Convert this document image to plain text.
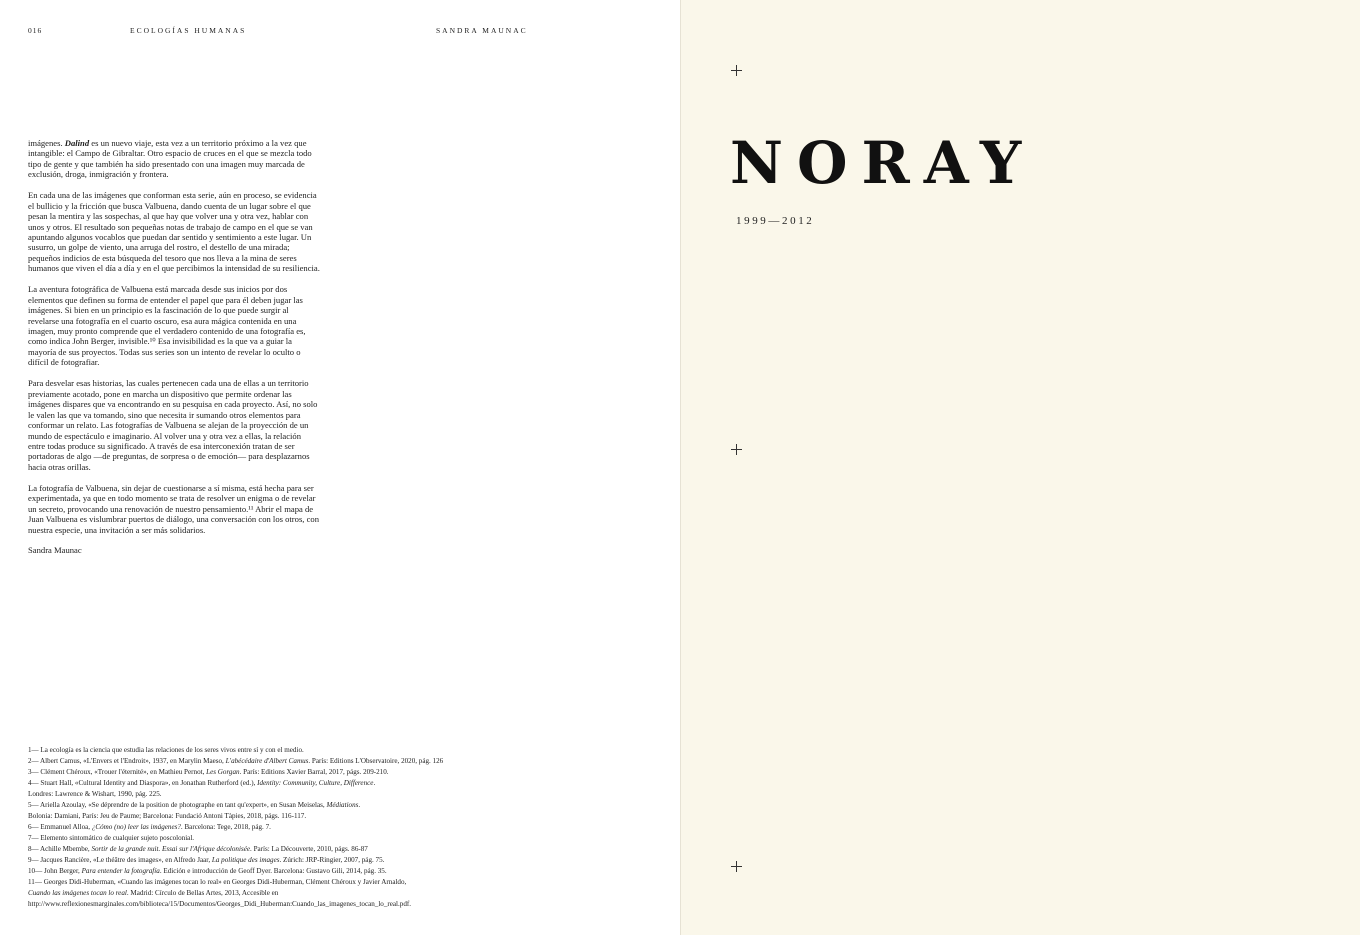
016	ECOLOGÍAS HUMANAS	SANDRA MAUNAC

imágenes. Dalind es un nuevo viaje, esta vez a un territorio próximo a la vez que intangible: el Campo de Gibraltar. Otro espacio de cruces en el que se mezcla todo tipo de gente y que también ha sido presentado con una imagen muy marcada de exclusión, droga, inmigración y frontera.

En cada una de las imágenes que conforman esta serie, aún en proceso, se evidencia el bullicio y la fricción que busca Valbuena, dando cuenta de un lugar sobre el que pesan la mentira y las sospechas, al que hay que volver una y otra vez, hablar con unos y otros. El resultado son pequeñas notas de trabajo de campo en el que se van apuntando algunos vocablos que puedan dar sentido y sentimiento a este lugar. Un susurro, un golpe de viento, una arruga del rostro, el destello de una mirada; pequeños indicios de esta búsqueda del tesoro que nos lleva a la mina de seres humanos que viven el día a día y en el que percibimos la intensidad de su resiliencia.

La aventura fotográfica de Valbuena está marcada desde sus inicios por dos elementos que definen su forma de entender el papel que para él deben jugar las imágenes. Si bien en un principio es la fascinación de lo que puede surgir al revelarse una fotografía en el cuarto oscuro, esa aura mágica contenida en una imagen, muy pronto comprende que el verdadero contenido de una fotografía es, como indica John Berger, invisible.¹⁰ Esa invisibilidad es la que va a guiar la mayoría de sus proyectos. Todas sus series son un intento de revelar lo oculto o difícil de fotografiar.

Para desvelar esas historias, las cuales pertenecen cada una de ellas a un territorio previamente acotado, pone en marcha un dispositivo que permite ordenar las imágenes dispares que va encontrando en su pesquisa en cada proyecto. Así, no solo le valen las que va tomando, sino que necesita ir sumando otros elementos para conformar un relato. Las fotografías de Valbuena se alejan de la proyección de un mundo de espectáculo e imaginario. Al volver una y otra vez a ellas, la relación entre todas produce su significado. A través de esa interconexión tratan de ser portadoras de algo —de preguntas, de sorpresa o de emoción— para desplazarnos hacia otras orillas.

La fotografía de Valbuena, sin dejar de cuestionarse a sí misma, está hecha para ser experimentada, ya que en todo momento se trata de resolver un enigma o de revelar un secreto, provocando una renovación de nuestro pensamiento.¹¹ Abrir el mapa de Juan Valbuena es vislumbrar puertos de diálogo, una conversación con los otros, con nuestra especie, una invitación a ser más solidarios.

Sandra Maunac

1— La ecología es la ciencia que estudia las relaciones de los seres vivos entre sí y con el medio.

2— Albert Camus, «L'Envers et l'Endroit», 1937, en Marylin Maeso, L'abécédaire d'Albert Camus. París: Editions L'Observatoire, 2020, pág. 126

3— Clément Chéroux, «Trouer l'éternité», en Mathieu Pernot, Les Gorgan. París: Editions Xavier Barral, 2017, págs. 209-210.

4— Stuart Hall, «Cultural Identity and Diaspora», en Jonathan Rutherford (ed.), Identity: Community, Culture, Difference.

Londres: Lawrence & Wishart, 1990, pág. 225.

5— Ariella Azoulay, «Se déprendre de la position de photographe en tant qu'expert», en Susan Meiselas, Médiations.

Bolonia: Damiani, París: Jeu de Paume; Barcelona: Fundació Antoni Tàpies, 2018, págs. 116-117.

6— Emmanuel Alloa, ¿Cómo (no) leer las imágenes?. Barcelona: Tege, 2018, pág. 7.

7— Elemento sintomático de cualquier sujeto poscolonial.

8— Achille Mbembe, Sortir de la grande nuit. Essai sur l'Afrique décolonisée. París: La Découverte, 2010, págs. 86-87

9— Jacques Rancière, «Le théâtre des images», en Alfredo Jaar, La politique des images. Zúrich: JRP-Ringier, 2007, pág. 75.

10— John Berger, Para entender la fotografía. Edición e introducción de Geoff Dyer. Barcelona: Gustavo Gili, 2014, pág. 35.

11— Georges Didi-Huberman, «Cuando las imágenes tocan lo real» en Georges Didi-Huberman, Clément Chéroux y Javier Arnaldo,

Cuando las imágenes tocan lo real. Madrid: Círculo de Bellas Artes, 2013, Accesible en

http://www.reflexionesmarginales.com/biblioteca/15/Documentos/Georges_Didi_Huberman:Cuando_las_imagenes_tocan_lo_real.pdf.

NORAY
1999—2012
